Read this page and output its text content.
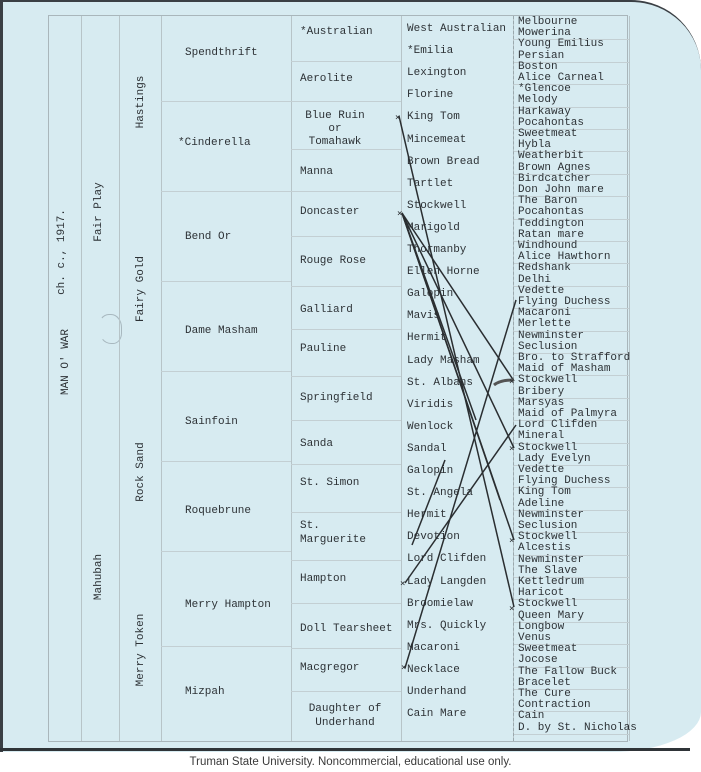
MAN O' WAR
ch. c., 1917. Fair Play
Mahubah
Hastings
Fairy Gold
Rock Sand
Merry Token
Spendthrift
*Cinderella
Bend Or
Dame Masham
Sainfoin
Roquebrune
Merry Hampton
Mizpah
*Australian
Aerolite
Blue Ruin or Tomahawk
Manna
Doncaster
Rouge Rose
Galliard
Pauline
Springfield
Sanda
St. Simon
St. Marguerite
Hampton
Doll Tearsheet
Macgregor
Daughter of Underhand
West Australian
*Emilia
Lexington
Florine
King Tom
Mincemeat
Brown Bread
Tartlet
Stockwell
Marigold
Thormanby
Ellen Horne
Galopin
Mavis
Hermit
Lady Masham
St. Albans
Viridis
Wenlock
Sandal
Galopin
St. Angela
Hermit
Devotion
Lord Clifden
Lady Langden
Broomielaw
Mrs. Quickly
Macaroni
Necklace
Underhand
Cain Mare
Melbourne
Mowerina
Young Emilius
Persian
Boston
Alice Carneal
*Glencoe
Melody
Harkaway
Pocahontas
Sweetmeat
Hybla
Weatherbit
Brown Agnes
Birdcatcher
Don John mare
The Baron
Pocahontas
Teddington
Ratan mare
Windhound
Alice Hawthorn
Redshank
Delhi
Vedette
Flying Duchess
Macaroni
Merlette
Newminster
Seclusion
Bro. to Strafford
Maid of Masham
Stockwell
Bribery
Marsyas
Maid of Palmyra
Lord Clifden
Mineral
Stockwell
Lady Evelyn
Vedette
Flying Duchess
King Tom
Adeline
Newminster
Seclusion
Stockwell
Alcestis
Newminster
The Slave
Kettledrum
Haricot
Stockwell
Queen Mary
Longbow
Venus
Sweetmeat
Jocose
The Fallow Buck
Bracelet
The Cure
Contraction
Cain
D. by St. Nicholas
×
×
×
×
×
×
×
×
Truman State University. Noncommercial, educational use only.
